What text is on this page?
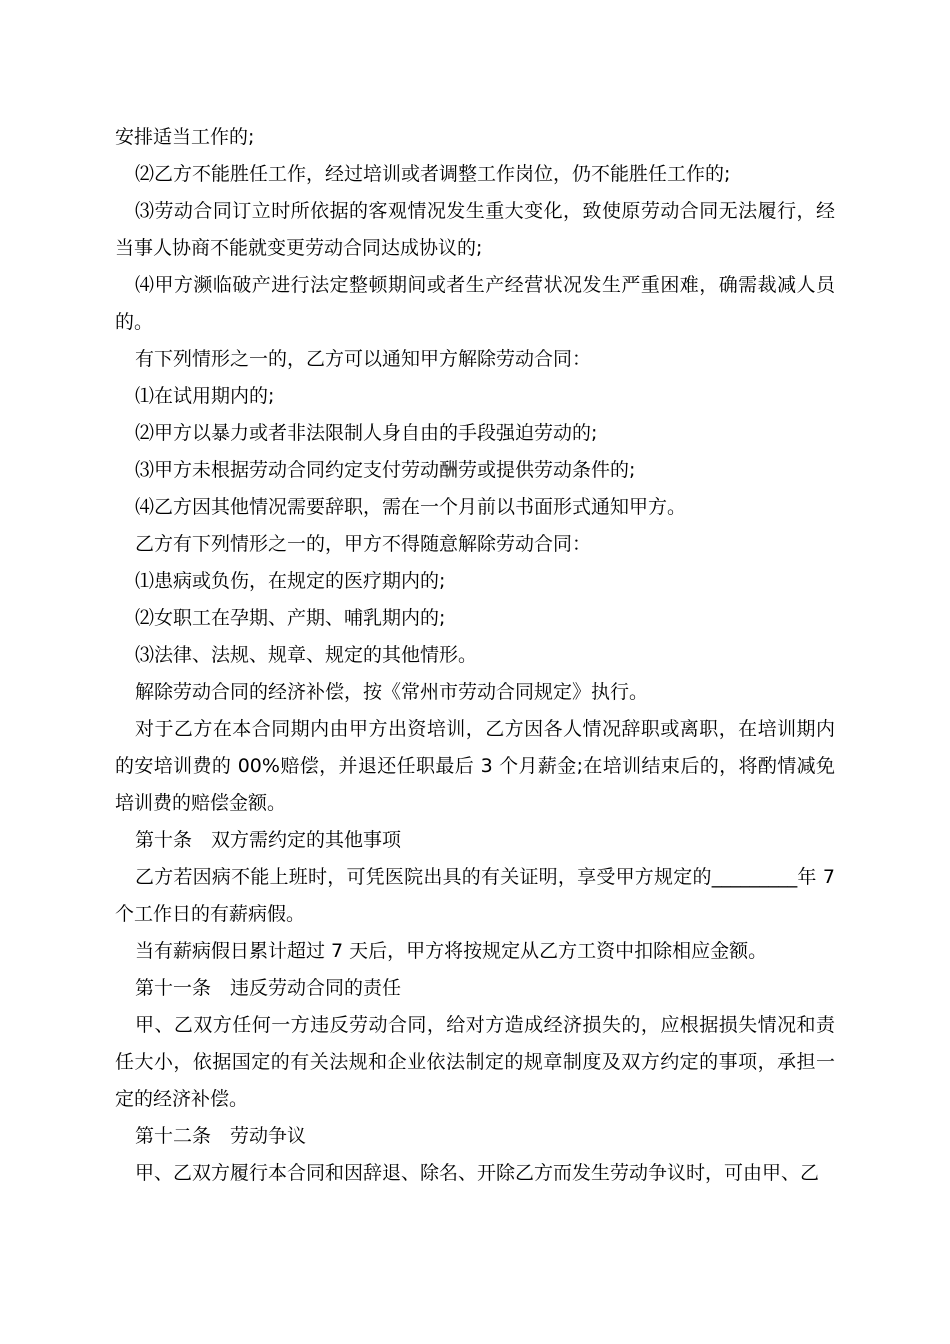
安排适当工作的;

⑵乙方不能胜任工作，经过培训或者调整工作岗位，仍不能胜任工作的;

⑶劳动合同订立时所依据的客观情况发生重大变化，致使原劳动合同无法履行，经当事人协商不能就变更劳动合同达成协议的;

⑷甲方濒临破产进行法定整顿期间或者生产经营状况发生严重困难，确需裁减人员的。

有下列情形之一的，乙方可以通知甲方解除劳动合同：

⑴在试用期内的;

⑵甲方以暴力或者非法限制人身自由的手段强迫劳动的;

⑶甲方未根据劳动合同约定支付劳动酬劳或提供劳动条件的;

⑷乙方因其他情况需要辞职，需在一个月前以书面形式通知甲方。

乙方有下列情形之一的，甲方不得随意解除劳动合同：

⑴患病或负伤，在规定的医疗期内的;

⑵女职工在孕期、产期、哺乳期内的;

⑶法律、法规、规章、规定的其他情形。

解除劳动合同的经济补偿，按《常州市劳动合同规定》执行。

对于乙方在本合同期内由甲方出资培训，乙方因各人情况辞职或离职，在培训期内的安培训费的 00%赔偿，并退还任职最后 3 个月薪金;在培训结束后的，将酌情减免培训费的赔偿金额。

第十条　双方需约定的其他事项

乙方若因病不能上班时，可凭医院出具的有关证明，享受甲方规定的_________年 7 个工作日的有薪病假。

当有薪病假日累计超过 7 天后，甲方将按规定从乙方工资中扣除相应金额。

第十一条　违反劳动合同的责任

甲、乙双方任何一方违反劳动合同，给对方造成经济损失的，应根据损失情况和责任大小，依据国定的有关法规和企业依法制定的规章制度及双方约定的事项，承担一定的经济补偿。

第十二条　劳动争议

甲、乙双方履行本合同和因辞退、除名、开除乙方而发生劳动争议时，可由甲、乙
